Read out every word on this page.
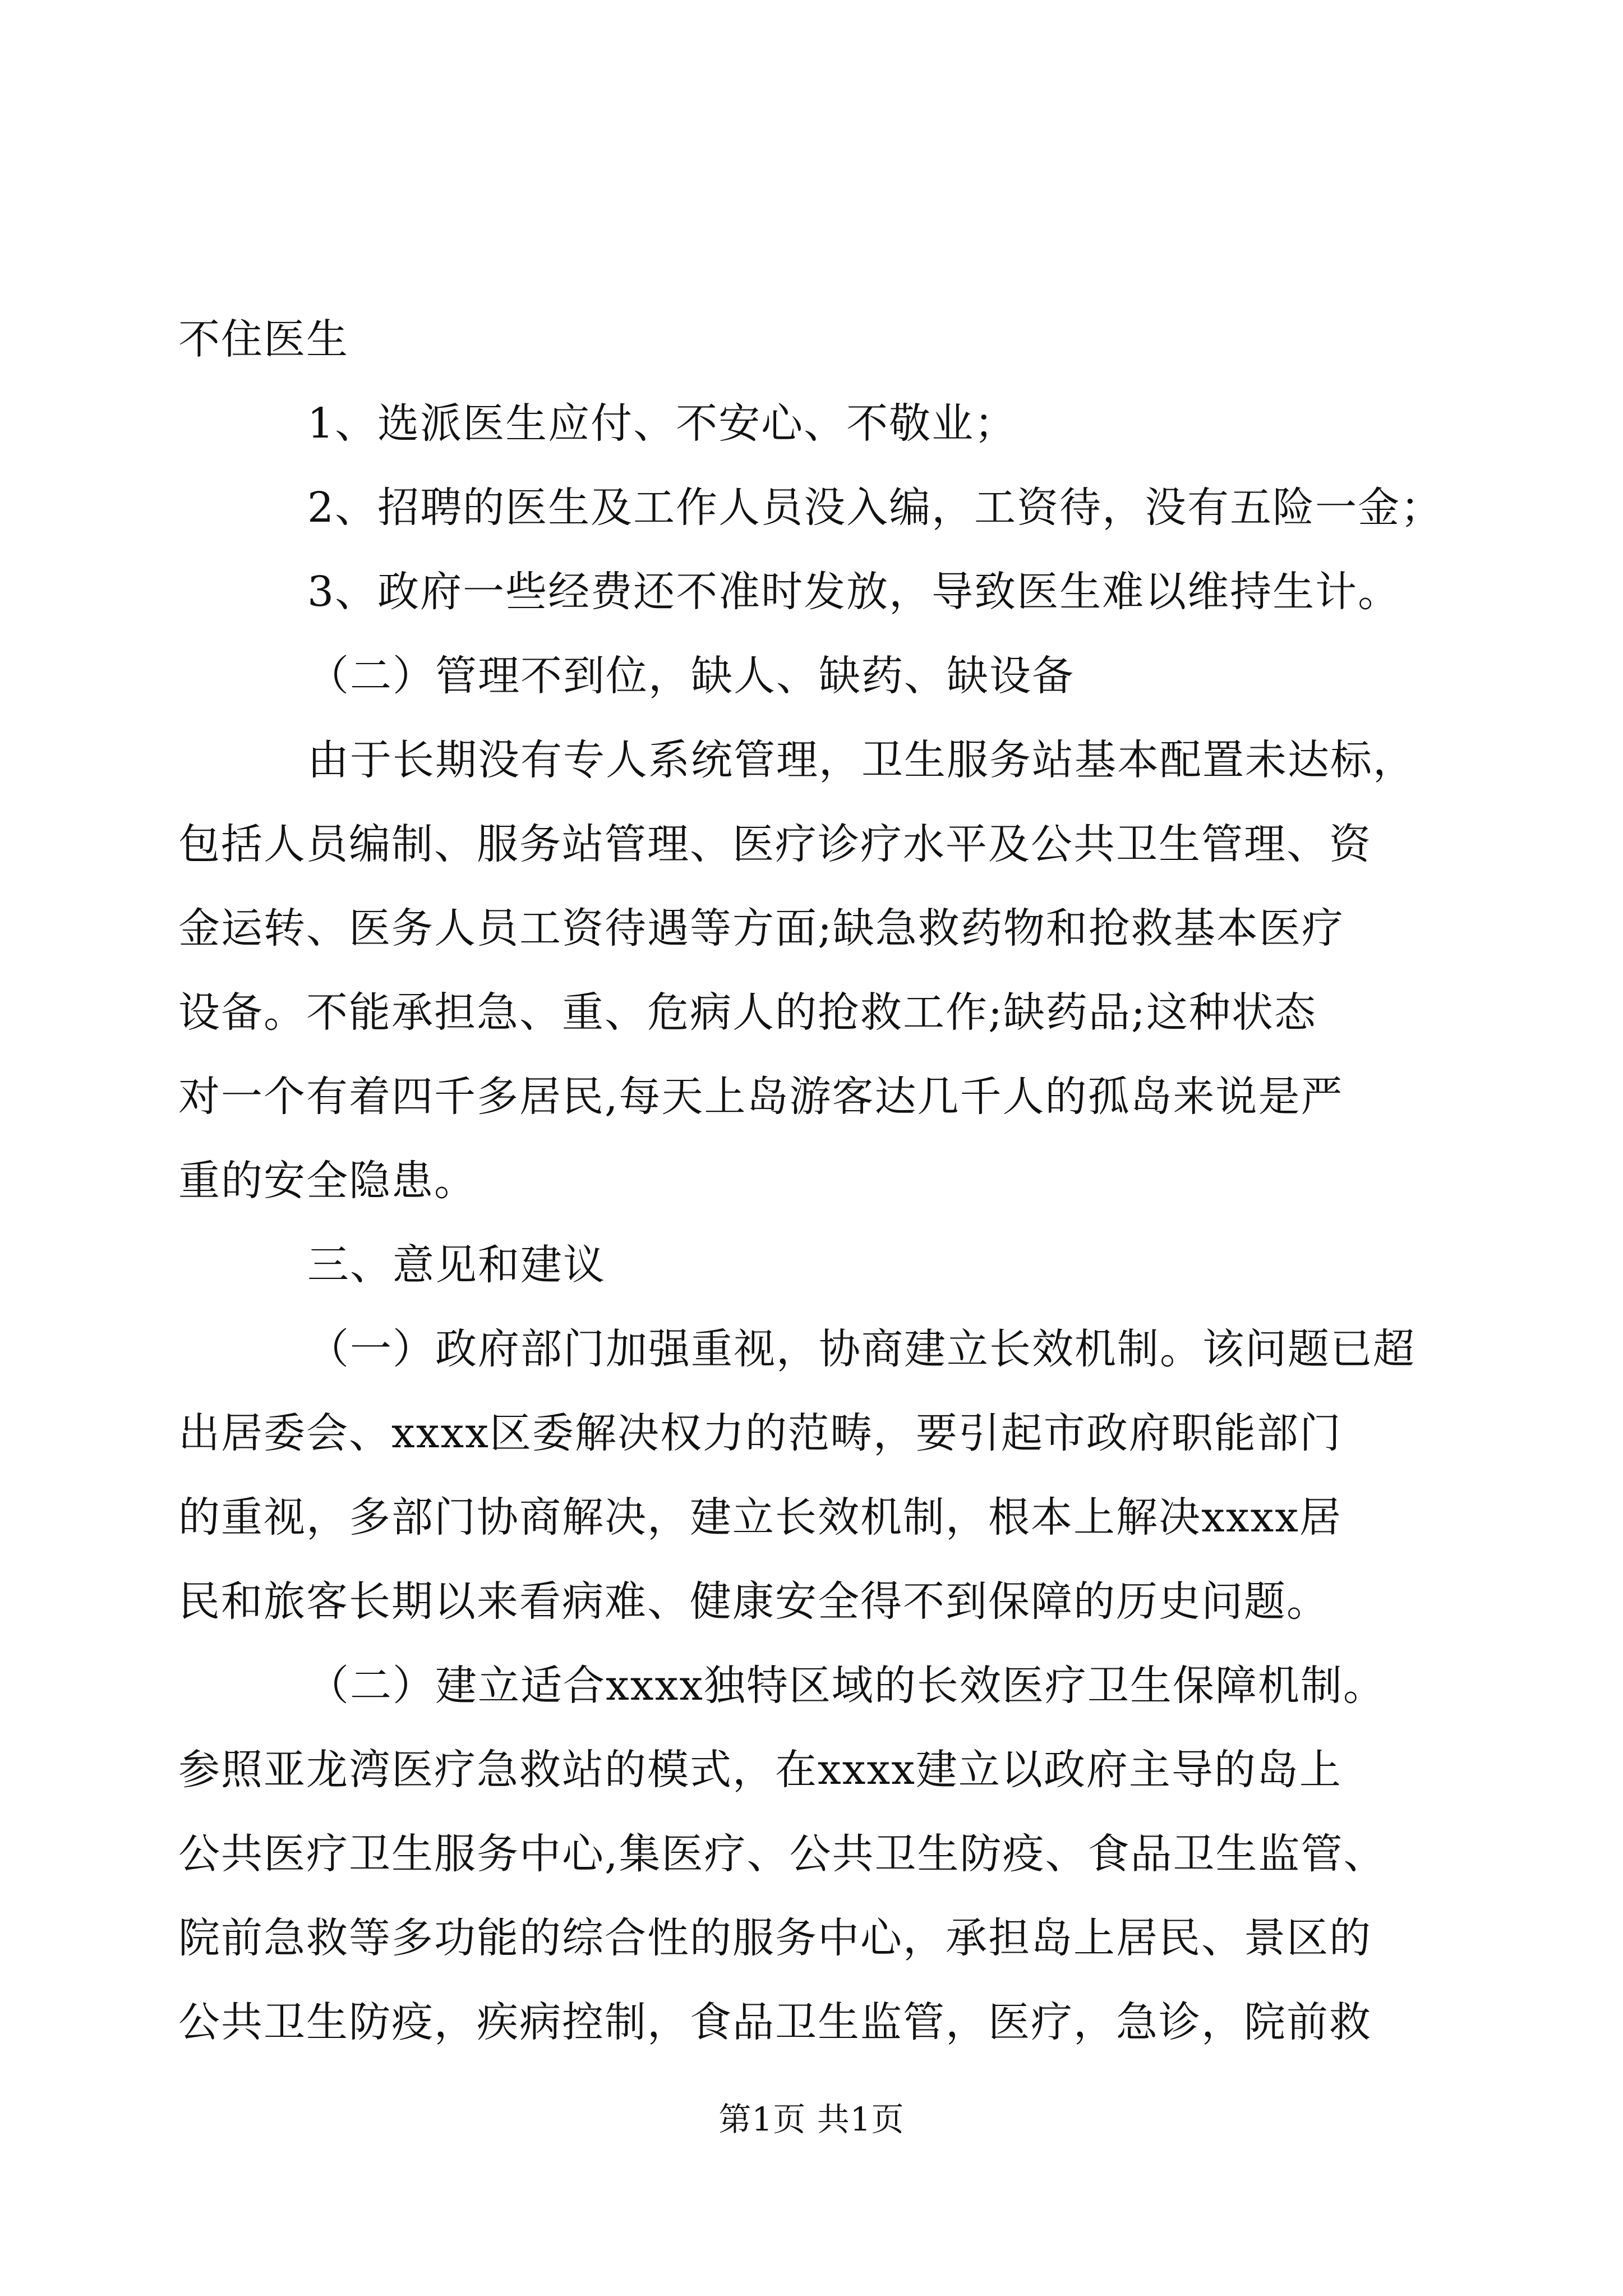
不住医生
1、选派医生应付、不安心、不敬业；
2、招聘的医生及工作人员没入编，工资待，没有五险一金；
3、政府一些经费还不准时发放，导致医生难以维持生计。
（二）管理不到位，缺人、缺药、缺设备
由于长期没有专人系统管理，卫生服务站基本配置未达标，
包括人员编制、服务站管理、医疗诊疗水平及公共卫生管理、资
金运转、医务人员工资待遇等方面;缺急救药物和抢救基本医疗
设备。不能承担急、重、危病人的抢救工作;缺药品;这种状态
对一个有着四千多居民,每天上岛游客达几千人的孤岛来说是严
重的安全隐患。
三、意见和建议
（一）政府部门加强重视，协商建立长效机制。该问题已超
出居委会、xxxx区委解决权力的范畴，要引起市政府职能部门
的重视，多部门协商解决，建立长效机制，根本上解决xxxx居
民和旅客长期以来看病难、健康安全得不到保障的历史问题。
（二）建立适合xxxx独特区域的长效医疗卫生保障机制。
参照亚龙湾医疗急救站的模式，在xxxx建立以政府主导的岛上
公共医疗卫生服务中心,集医疗、公共卫生防疫、食品卫生监管、
院前急救等多功能的综合性的服务中心，承担岛上居民、景区的
公共卫生防疫，疾病控制，食品卫生监管，医疗，急诊，院前救
第1页 共1页
